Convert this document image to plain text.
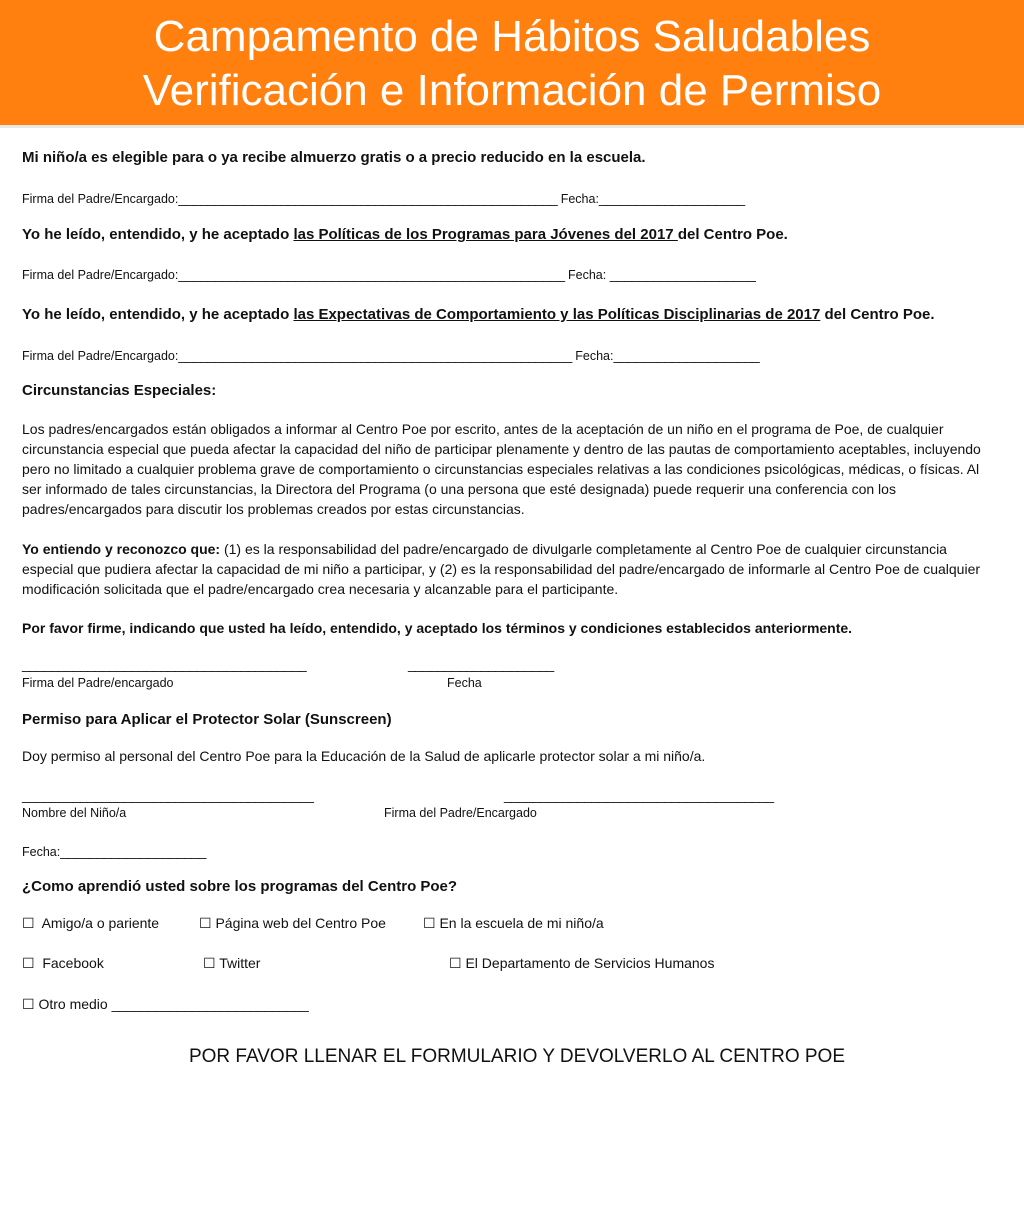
Campamento de Hábitos Saludables
Verificación e Información de Permiso
Mi niño/a es elegible para o ya recibe almuerzo gratis o a precio reducido en la escuela.
Firma del Padre/Encargado:____________________________________________________ Fecha:____________________
Yo he leído, entendido, y he aceptado las Políticas de los Programas para Jóvenes del 2017 del Centro Poe.
Firma del Padre/Encargado:_____________________________________________________ Fecha: ____________________
Yo he leído, entendido, y he aceptado las Expectativas de Comportamiento y las Políticas Disciplinarias de 2017 del Centro Poe.
Firma del Padre/Encargado:______________________________________________________ Fecha:____________________
Circunstancias Especiales:
Los padres/encargados están obligados a informar al Centro Poe por escrito, antes de la aceptación de un niño en el programa de Poe, de cualquier circunstancia especial que pueda afectar la capacidad del niño de participar plenamente y dentro de las pautas de comportamiento aceptables, incluyendo pero no limitado a cualquier problema grave de comportamiento o circunstancias especiales relativas a las condiciones psicológicas, médicas, o físicas. Al ser informado de tales circunstancias, la Directora del Programa (o una persona que esté designada) puede requerir una conferencia con los padres/encargados para discutir los problemas creados por estas circunstancias.
Yo entiendo y reconozco que: (1) es la responsabilidad del padre/encargado de divulgarle completamente al Centro Poe de cualquier circunstancia especial que pudiera afectar la capacidad de mi niño a participar, y (2) es la responsabilidad del padre/encargado de informarle al Centro Poe de cualquier modificación solicitada que el padre/encargado crea necesaria y alcanzable para el participante.
Por favor firme, indicando que usted ha leído, entendido, y aceptado los términos y condiciones establecidos anteriormente.
_______________________________________	____________________
Firma del Padre/encargado	Fecha
Permiso para Aplicar el Protector Solar (Sunscreen)
Doy permiso al personal del Centro Poe para la Educación de la Salud de aplicarle protector solar a mi niño/a.
________________________________________	_____________________________________
Nombre del Niño/a	Firma del Padre/Encargado
Fecha:____________________
¿Como aprendió usted sobre los programas del Centro Poe?
☐ Amigo/a o pariente	☐ Página web del Centro Poe	☐ En la escuela de mi niño/a
☐ Facebook	☐ Twitter	☐ El Departamento de Servicios Humanos
☐ Otro medio ___________________________
POR FAVOR LLENAR EL FORMULARIO Y DEVOLVERLO AL CENTRO POE
